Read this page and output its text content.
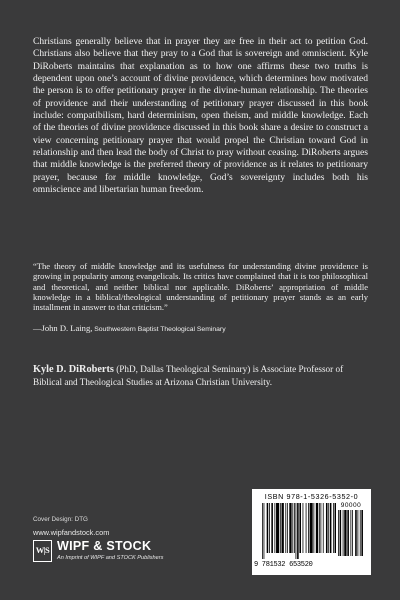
Christians generally believe that in prayer they are free in their act to petition God. Christians also believe that they pray to a God that is sovereign and omniscient. Kyle DiRoberts maintains that explanation as to how one affirms these two truths is dependent upon one’s account of divine providence, which determines how motivated the person is to offer petitionary prayer in the divine-human relationship. The theories of providence and their understanding of petitionary prayer discussed in this book include: compatibilism, hard determinism, open theism, and middle knowledge. Each of the theories of divine providence discussed in this book share a desire to construct a view concerning petitionary prayer that would propel the Christian toward God in relationship and then lead the body of Christ to pray without ceasing. DiRoberts argues that middle knowledge is the preferred theory of providence as it relates to petitionary prayer, because for middle knowledge, God’s sovereignty includes both his omniscience and libertarian human freedom.
“The theory of middle knowledge and its usefulness for understanding divine providence is growing in popularity among evangelicals. Its critics have complained that it is too philosophical and theoretical, and neither biblical nor applicable. DiRoberts’ appropriation of middle knowledge in a biblical/theological understanding of petitionary prayer stands as an early installment in answer to that criticism.”
—John D. Laing, Southwestern Baptist Theological Seminary
Kyle D. DiRoberts (PhD, Dallas Theological Seminary) is Associate Professor of Biblical and Theological Studies at Arizona Christian University.
Cover Design: DTG
www.wipfandstock.com
W|S WIPF & STOCK
An Imprint of WIPF and STOCK Publishers
ISBN 978-1-5326-5352-0
90000
9 781532 653520
